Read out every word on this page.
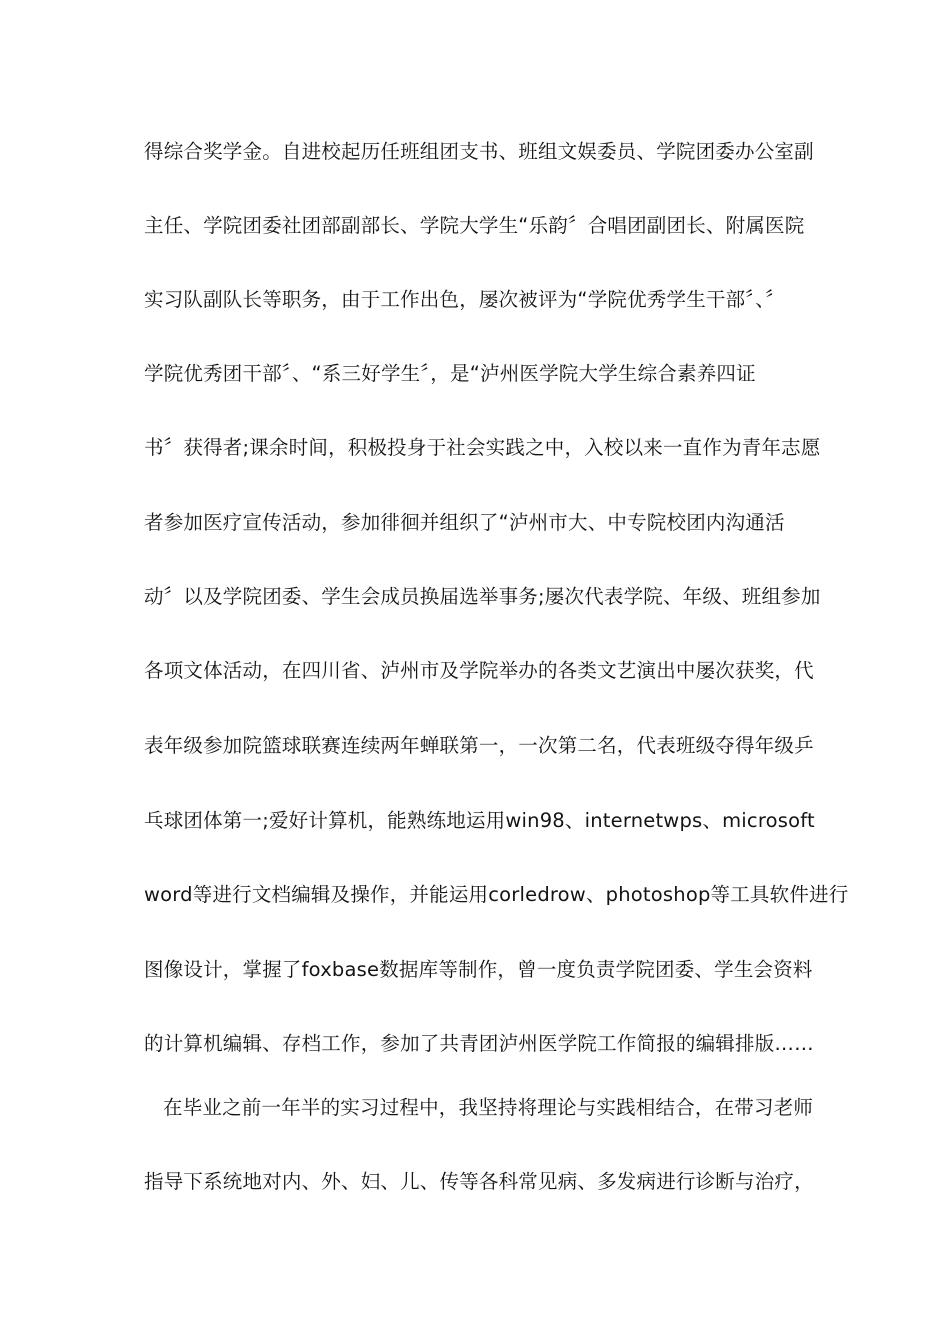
得综合奖学金。自进校起历任班组团支书、班组文娱委员、学院团委办公室副
主任、学院团委社团部副部长、学院大学生“乐韵〞合唱团副团长、附属医院
实习队副队长等职务，由于工作出色，屡次被评为“学院优秀学生干部〞、〞
学院优秀团干部〞、“系三好学生〞，是“泸州医学院大学生综合素养四证
书〞获得者;课余时间，积极投身于社会实践之中，入校以来一直作为青年志愿
者参加医疗宣传活动，参加徘徊并组织了“泸州市大、中专院校团内沟通活
动〞以及学院团委、学生会成员换届选举事务;屡次代表学院、年级、班组参加
各项文体活动，在四川省、泸州市及学院举办的各类文艺演出中屡次获奖，代
表年级参加院篮球联赛连续两年蝉联第一，一次第二名，代表班级夺得年级乒
乓球团体第一;爱好计算机，能熟练地运用win98、internetwps、microsoft
word等进行文档编辑及操作，并能运用corledrow、photoshop等工具软件进行
图像设计，掌握了foxbase数据库等制作，曾一度负责学院团委、学生会资料
的计算机编辑、存档工作，参加了共青团泸州医学院工作简报的编辑排版……
在毕业之前一年半的实习过程中，我坚持将理论与实践相结合，在带习老师
指导下系统地对内、外、妇、儿、传等各科常见病、多发病进行诊断与治疗，
